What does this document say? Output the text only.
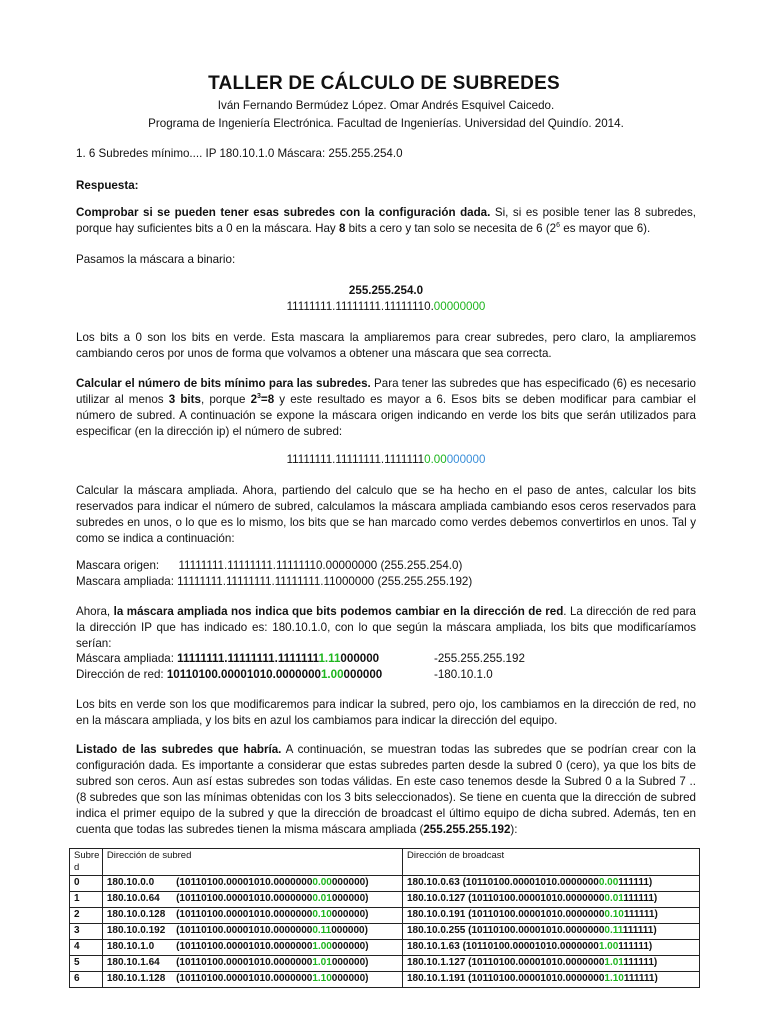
TALLER DE CÁLCULO DE SUBREDES
Iván Fernando Bermúdez López. Omar Andrés Esquivel Caicedo.
Programa de Ingeniería Electrónica. Facultad de Ingenierías. Universidad del Quindío. 2014.
1. 6 Subredes mínimo.... IP 180.10.1.0 Máscara: 255.255.254.0
Respuesta:
Comprobar si se pueden tener esas subredes con la configuración dada. Si, si es posible tener las 8 subredes, porque hay suficientes bits a 0 en la máscara. Hay 8 bits a cero y tan solo se necesita de 6 ($2^6$ es mayor que 6).
Pasamos la máscara a binario:
255.255.254.0
11111111.11111111.11111110.00000000
Los bits a 0 son los bits en verde. Esta mascara la ampliaremos para crear subredes, pero claro, la ampliaremos cambiando ceros por unos de forma que volvamos a obtener una máscara que sea correcta.
Calcular el número de bits mínimo para las subredes. Para tener las subredes que has especificado (6) es necesario utilizar al menos 3 bits, porque $2^3=8$ y este resultado es mayor a 6. Esos bits se deben modificar para cambiar el número de subred. A continuación se expone la máscara origen indicando en verde los bits que serán utilizados para especificar (en la dirección ip) el número de subred:
11111111.11111111.11111110.00000000
Calcular la máscara ampliada. Ahora, partiendo del calculo que se ha hecho en el paso de antes, calcular los bits reservados para indicar el número de subred, calculamos la máscara ampliada cambiando esos ceros reservados para subredes en unos, o lo que es lo mismo, los bits que se han marcado como verdes debemos convertirlos en unos. Tal y como se indica a continuación:
Mascara origen:      11111111.11111111.11111110.00000000 (255.255.254.0)
Mascara ampliada: 11111111.11111111.11111111.11000000 (255.255.255.192)
Ahora, la máscara ampliada nos indica que bits podemos cambiar en la dirección de red. La dirección de red para la dirección IP que has indicado es: 180.10.1.0, con lo que según la máscara ampliada, los bits que modificaríamos serían:
Máscara ampliada: 11111111.11111111.11111111.11000000	-255.255.255.192
Dirección de red: 10110100.00001010.00000001.00000000	-180.10.1.0
Los bits en verde son los que modificaremos para indicar la subred, pero ojo, los cambiamos en la dirección de red, no en la máscara ampliada, y los bits en azul los cambiamos para indicar la dirección del equipo.
Listado de las subredes que habría. A continuación, se muestran todas las subredes que se podrían crear con la configuración dada. Es importante a considerar que estas subredes parten desde la subred 0 (cero), ya que los bits de subred son ceros. Aun así estas subredes son todas válidas. En este caso tenemos desde la Subred 0 a la Subred 7 .. (8 subredes que son las mínimas obtenidas con los 3 bits seleccionados). Se tiene en cuenta que la dirección de subred indica el primer equipo de la subred y que la dirección de broadcast el último equipo de dicha subred. Además, ten en cuenta que todas las subredes tienen la misma máscara ampliada (255.255.255.192):
Subre d	Dirección de subred	Dirección de broadcast
0	180.10.0.0 (10110100.00001010.00000000.00000000)	180.10.0.63 (10110100.00001010.00000000.00111111)
1	180.10.0.64 (10110100.00001010.00000000.01000000)	180.10.0.127 (10110100.00001010.00000000.01111111)
2	180.10.0.128 (10110100.00001010.00000000.10000000)	180.10.0.191 (10110100.00001010.00000000.10111111)
3	180.10.0.192 (10110100.00001010.00000000.11000000)	180.10.0.255 (10110100.00001010.00000000.11111111)
4	180.10.1.0 (10110100.00001010.00000001.00000000)	180.10.1.63 (10110100.00001010.00000001.00111111)
5	180.10.1.64 (10110100.00001010.00000001.01000000)	180.10.1.127 (10110100.00001010.00000001.01111111)
6	180.10.1.128 (10110100.00001010.00000001.10000000)	180.10.1.191 (10110100.00001010.00000001.10111111)
